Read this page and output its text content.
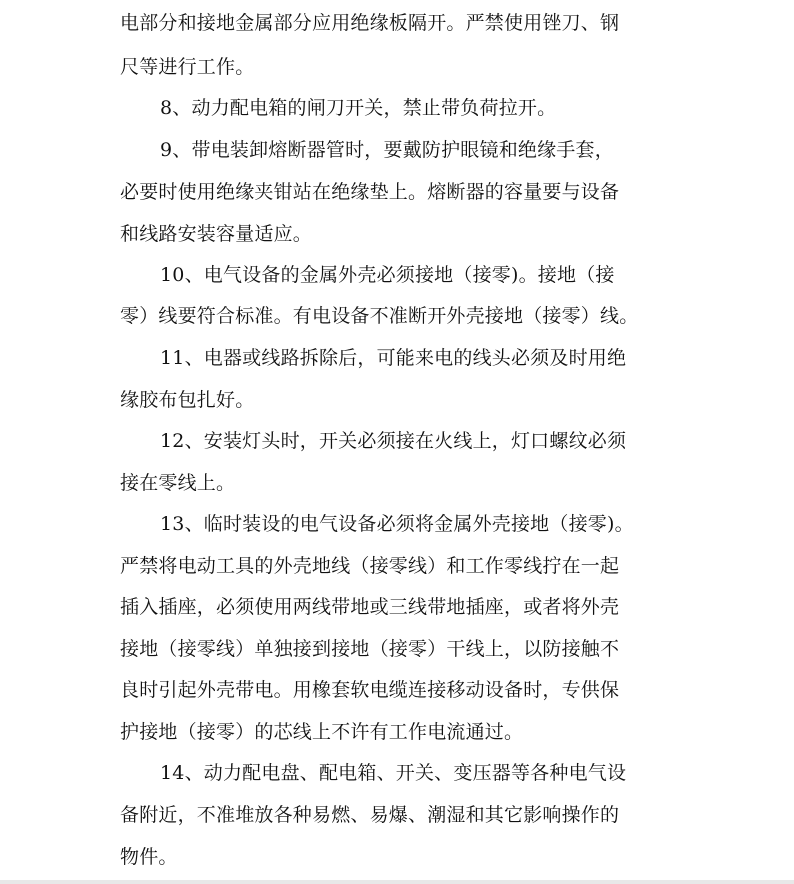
电部分和接地金属部分应用绝缘板隔开。严禁使用锉刀、钢
尺等进行工作。
8、动力配电箱的闸刀开关，禁止带负荷拉开。
9、带电装卸熔断器管时，要戴防护眼镜和绝缘手套，
必要时使用绝缘夹钳站在绝缘垫上。熔断器的容量要与设备
和线路安装容量适应。
10、电气设备的金属外壳必须接地（接零)。接地（接
零）线要符合标准。有电设备不准断开外壳接地（接零）线。
11、电器或线路拆除后，可能来电的线头必须及时用绝
缘胶布包扎好。
12、安装灯头时，开关必须接在火线上，灯口螺纹必须
接在零线上。
13、临时装设的电气设备必须将金属外壳接地（接零)。
严禁将电动工具的外壳地线（接零线）和工作零线拧在一起
插入插座，必须使用两线带地或三线带地插座，或者将外壳
接地（接零线）单独接到接地（接零）干线上，以防接触不
良时引起外壳带电。用橡套软电缆连接移动设备时，专供保
护接地（接零）的芯线上不许有工作电流通过。
14、动力配电盘、配电箱、开关、变压器等各种电气设
备附近，不准堆放各种易燃、易爆、潮湿和其它影响操作的
物件。
